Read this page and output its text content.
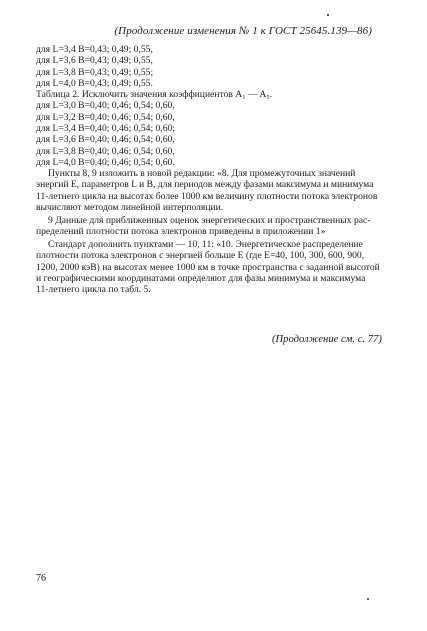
(Продолжение изменения № 1 к ГОСТ 25645.139—86)
для L=3,4 B=0,43; 0,49; 0,55,
для L=3,6 B=0,43; 0,49; 0,55,
для L=3,8 B=0,43; 0,49; 0,55;
для L=4,0 B=0,43; 0,49; 0,55.
Таблица 2. Исключить значения коэффициентов A₁ — A₅.
для L=3,0 B=0,40; 0,46; 0,54; 0,60,
для L=3,2 B=0,40; 0,46; 0,54; 0,60,
для L=3,4 B=0,40; 0,46; 0,54; 0,60;
для L=3,6 B=0,40; 0,46; 0,54; 0,60,
для L=3,8 B=0,40; 0,46; 0,54; 0,60,
для L=4,0 B=0,40; 0,46; 0,54; 0,60.
Пункты 8, 9 изложить в новой редакции: «8. Для промежуточных значений
энергий E, параметров L и B, для периодов между фазами максимума и минимума
11-летнего цикла на высотах более 1000 км величину плотности потока электронов
вычисляют методом линейной интерполяции.
9 Данные для приближенных оценок энергетических и пространственных рас-
пределений плотности потока электронов приведены в приложении 1»
Стандарт дополнить пунктами — 10, 11: «10. Энергетическое распределение
плотности потока электронов с энергией больше E (где E=40, 100, 300, 600, 900,
1200, 2000 кэВ) на высотах менее 1000 км в точке пространства с заданной высотой
и географическими координатами определяют для фазы минимума и максимума
11-летнего цикла по табл. 5.
(Продолжение см. с. 77)
76
